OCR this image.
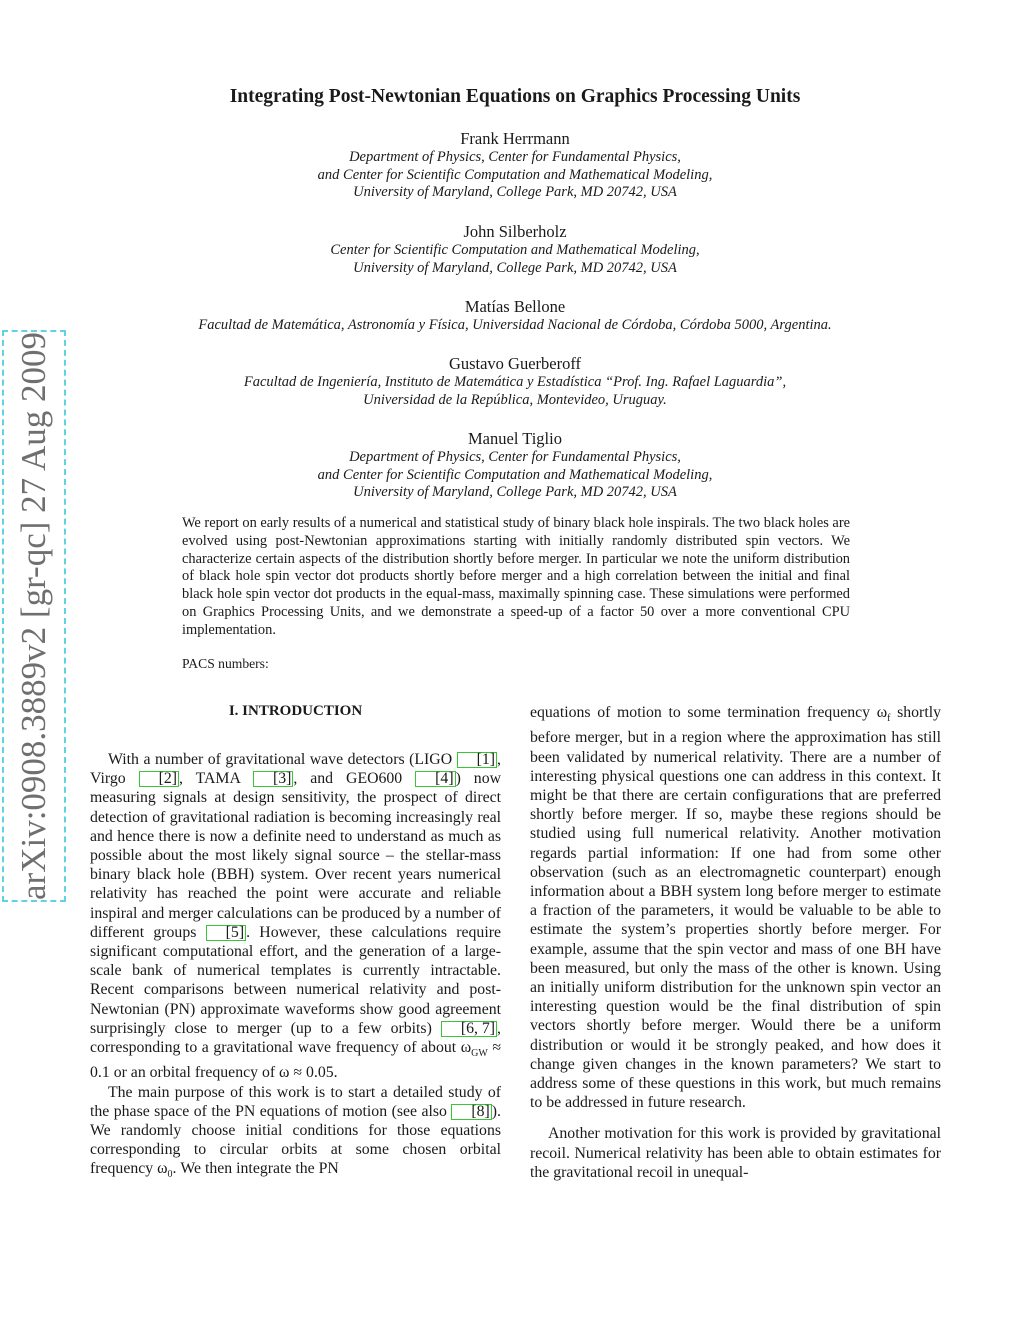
arXiv:0908.3889v2 [gr-qc] 27 Aug 2009
Integrating Post-Newtonian Equations on Graphics Processing Units
Frank Herrmann
Department of Physics, Center for Fundamental Physics,
and Center for Scientific Computation and Mathematical Modeling,
University of Maryland, College Park, MD 20742, USA
John Silberholz
Center for Scientific Computation and Mathematical Modeling,
University of Maryland, College Park, MD 20742, USA
Matías Bellone
Facultad de Matemática, Astronomía y Física, Universidad Nacional de Córdoba, Córdoba 5000, Argentina.
Gustavo Guerberoff
Facultad de Ingeniería, Instituto de Matemática y Estadística “Prof. Ing. Rafael Laguardia”,
Universidad de la República, Montevideo, Uruguay.
Manuel Tiglio
Department of Physics, Center for Fundamental Physics,
and Center for Scientific Computation and Mathematical Modeling,
University of Maryland, College Park, MD 20742, USA

We report on early results of a numerical and statistical study of binary black hole inspirals. The two black holes are evolved using post-Newtonian approximations starting with initially randomly distributed spin vectors. We characterize certain aspects of the distribution shortly before merger. In particular we note the uniform distribution of black hole spin vector dot products shortly before merger and a high correlation between the initial and final black hole spin vector dot products in the equal-mass, maximally spinning case. These simulations were performed on Graphics Processing Units, and we demonstrate a speed-up of a factor 50 over a more conventional CPU implementation.

PACS numbers:

I. INTRODUCTION

With a number of gravitational wave detectors (LIGO [1] , Virgo [2] , TAMA [3] , and GEO600 [4] ) now measuring signals at design sensitivity, the prospect of direct detection of gravitational radiation is becoming increasingly real and hence there is now a definite need to understand as much as possible about the most likely signal source – the stellar-mass binary black hole (BBH) system. Over recent years numerical relativity has reached the point were accurate and reliable inspiral and merger calculations can be produced by a number of different groups [5] . However, these calculations require significant computational effort, and the generation of a large-scale bank of numerical templates is currently intractable. Recent comparisons between numerical relativity and post-Newtonian (PN) approximate waveforms show good agreement surprisingly close to merger (up to a few orbits) [6, 7] , corresponding to a gravitational wave frequency of about $\omega_{GW} \approx 0.1$ or an orbital frequency of ω ≈ 0.05.

The main purpose of this work is to start a detailed study of the phase space of the PN equations of motion (see also [8] ). We randomly choose initial conditions for those equations corresponding to circular orbits at some chosen orbital frequency $\omega_0$. We then integrate the PN

equations of motion to some termination frequency $\omega_f$ shortly before merger, but in a region where the approximation has still been validated by numerical relativity. There are a number of interesting physical questions one can address in this context. It might be that there are certain configurations that are preferred shortly before merger. If so, maybe these regions should be studied using full numerical relativity. Another motivation regards partial information: If one had from some other observation (such as an electromagnetic counterpart) enough information about a BBH system long before merger to estimate a fraction of the parameters, it would be valuable to be able to estimate the system’s properties shortly before merger. For example, assume that the spin vector and mass of one BH have been measured, but only the mass of the other is known. Using an initially uniform distribution for the unknown spin vector an interesting question would be the final distribution of spin vectors shortly before merger. Would there be a uniform distribution or would it be strongly peaked, and how does it change given changes in the known parameters? We start to address some of these questions in this work, but much remains to be addressed in future research.

Another motivation for this work is provided by gravitational recoil. Numerical relativity has been able to obtain estimates for the gravitational recoil in unequal-
